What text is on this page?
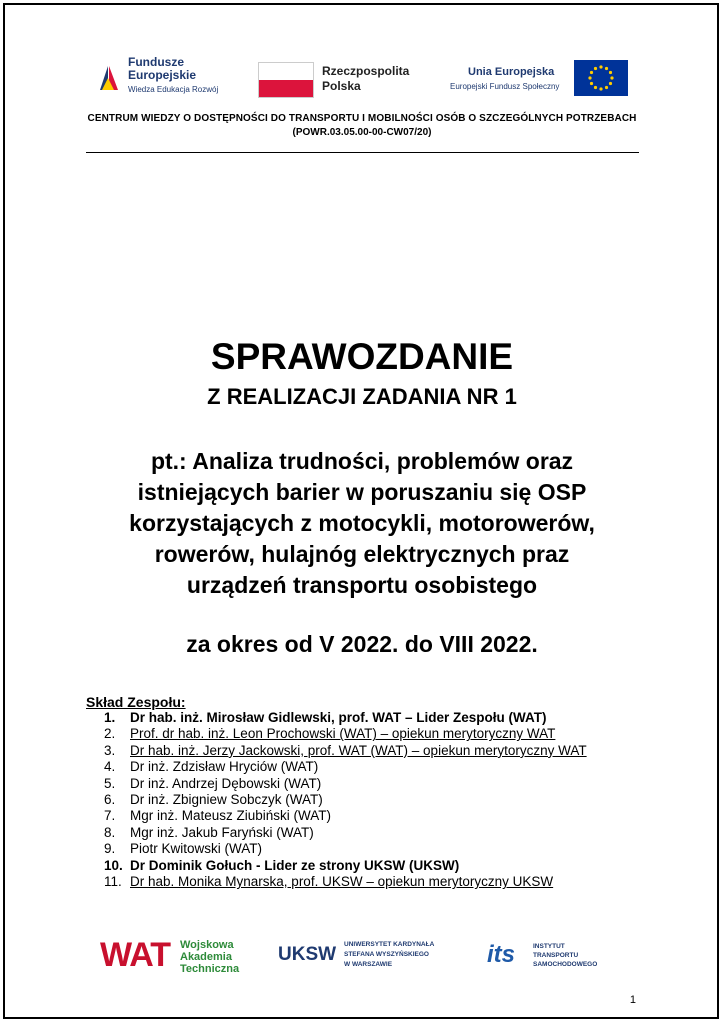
Fundusze
Europejskie
Wiedza Edukacja Rozwój
Rzeczpospolita
Polska
Unia Europejska
Europejski Fundusz Społeczny
CENTRUM WIEDZY O DOSTĘPNOŚCI DO TRANSPORTU I MOBILNOŚCI OSÓB O SZCZEGÓLNYCH POTRZEBACH
(POWR.03.05.00-00-CW07/20)
SPRAWOZDANIE
Z REALIZACJI ZADANIA NR 1
pt.: Analiza trudności, problemów oraz
istniejących barier w poruszaniu się OSP
korzystających z motocykli, motorowerów,
rowerów, hulajnóg elektrycznych praz
urządzeń transportu osobistego
za okres od V 2022. do VIII 2022.
Skład Zespołu:
1. Dr hab. inż. Mirosław Gidlewski, prof. WAT – Lider Zespołu (WAT)
2. Prof. dr hab. inż. Leon Prochowski (WAT) – opiekun merytoryczny WAT
3. Dr hab. inż. Jerzy Jackowski, prof. WAT (WAT) – opiekun merytoryczny WAT
4. Dr inż. Zdzisław Hryciów (WAT)
5. Dr inż. Andrzej Dębowski (WAT)
6. Dr inż. Zbigniew Sobczyk (WAT)
7. Mgr inż. Mateusz Ziubiński (WAT)
8. Mgr inż. Jakub Faryński (WAT)
9. Piotr Kwitowski (WAT)
10. Dr Dominik Gołuch - Lider ze strony UKSW (UKSW)
11. Dr hab. Monika Mynarska, prof. UKSW – opiekun merytoryczny UKSW
WAT Wojskowa
Akademia
Techniczna
UKSW UNIWERSYTET KARDYNAŁA
STEFANA WYSZYŃSKIEGO
W WARSZAWIE	its	INSTYTUT
TRANSPORTU
SAMOCHODOWEGO
1
